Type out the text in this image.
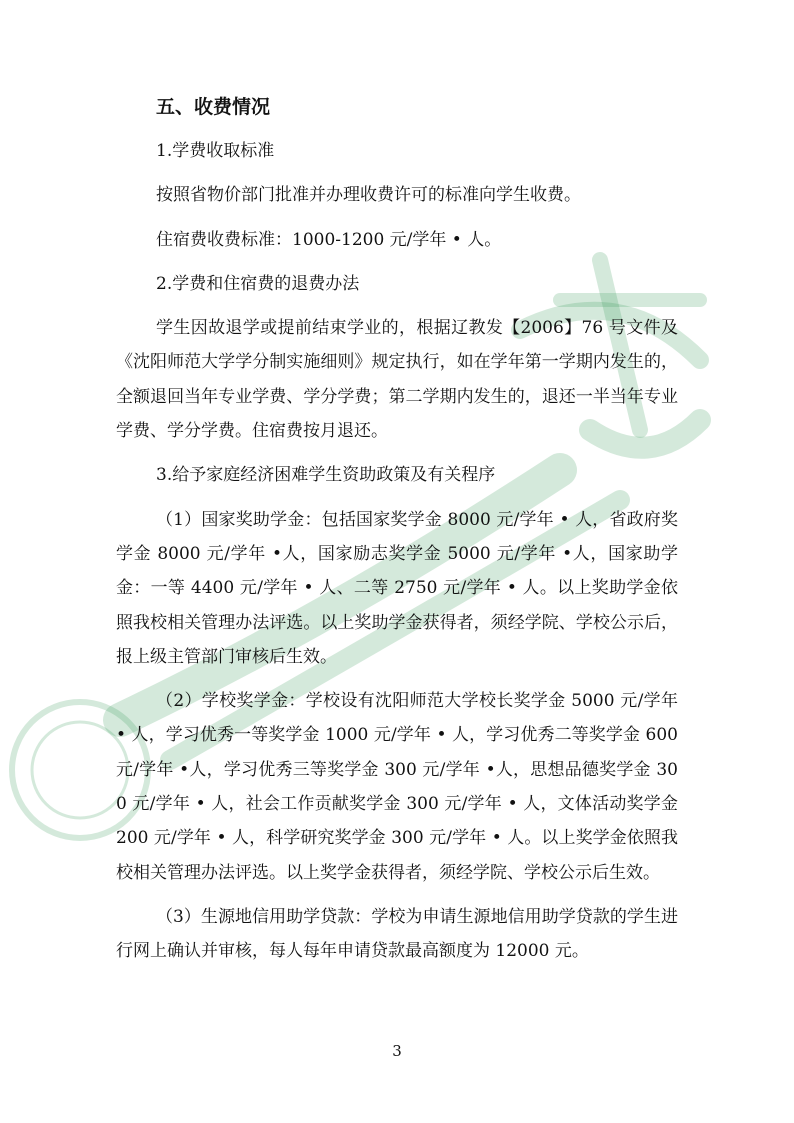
五、收费情况

1.学费收取标准

按照省物价部门批准并办理收费许可的标准向学生收费。

住宿费收费标准：1000-1200 元/学年 • 人。

2.学费和住宿费的退费办法

学生因故退学或提前结束学业的，根据辽教发【2006】76 号文件及《沈阳师范大学学分制实施细则》规定执行，如在学年第一学期内发生的，全额退回当年专业学费、学分学费；第二学期内发生的，退还一半当年专业学费、学分学费。住宿费按月退还。

3.给予家庭经济困难学生资助政策及有关程序

（1）国家奖助学金：包括国家奖学金 8000 元/学年 • 人，省政府奖学金 8000 元/学年 •人，国家励志奖学金 5000 元/学年 •人，国家助学金：一等 4400 元/学年 • 人、二等 2750 元/学年 • 人。以上奖助学金依照我校相关管理办法评选。以上奖助学金获得者，须经学院、学校公示后，报上级主管部门审核后生效。

（2）学校奖学金：学校设有沈阳师范大学校长奖学金 5000 元/学年 • 人，学习优秀一等奖学金 1000 元/学年 • 人，学习优秀二等奖学金 600 元/学年 •人，学习优秀三等奖学金 300 元/学年 •人，思想品德奖学金 300 元/学年 • 人，社会工作贡献奖学金 300 元/学年 • 人，文体活动奖学金 200 元/学年 • 人，科学研究奖学金 300 元/学年 • 人。以上奖学金依照我校相关管理办法评选。以上奖学金获得者，须经学院、学校公示后生效。

（3）生源地信用助学贷款：学校为申请生源地信用助学贷款的学生进行网上确认并审核，每人每年申请贷款最高额度为 12000 元。

3
